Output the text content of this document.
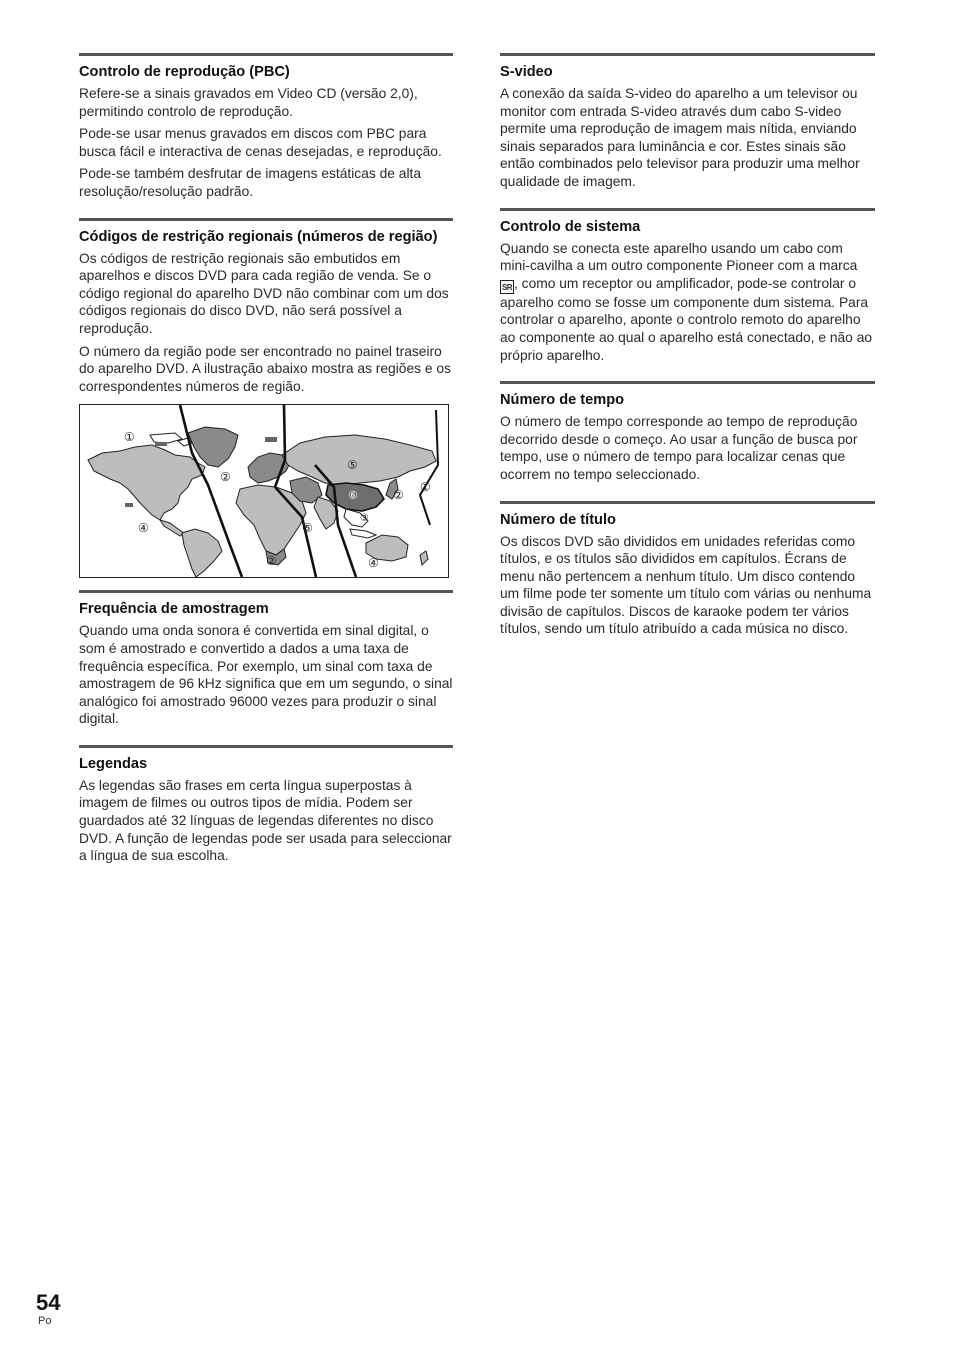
Controlo de reprodução (PBC)

Refere-se a sinais gravados em Video CD (versão 2,0), permitindo controlo de reprodução.

Pode-se usar menus gravados em discos com PBC para busca fácil e interactiva de cenas desejadas, e reprodução.

Pode-se também desfrutar de imagens estáticas de alta resolução/resolução padrão.

Códigos de restrição regionais (números de região)

Os códigos de restrição regionais são embutidos em aparelhos e discos DVD para cada região de venda. Se o código regional do aparelho DVD não combinar com um dos códigos regionais do disco DVD, não será possível a reprodução.

O número da região pode ser encontrado no painel traseiro do aparelho DVD. A ilustração abaixo mostra as regiões e os correspondentes números de região.

①
②
⑤
⑥	②
①
④	⑤
③
②	④
Frequência de amostragem

Quando uma onda sonora é convertida em sinal digital, o som é amostrado e convertido a dados a uma taxa de frequência específica. Por exemplo, um sinal com taxa de amostragem de 96 kHz significa que em um segundo, o sinal analógico foi amostrado 96000 vezes para produzir o sinal digital.

Legendas

As legendas são frases em certa língua superpostas à imagem de filmes ou outros tipos de mídia. Podem ser guardados até 32 línguas de legendas diferentes no disco DVD. A função de legendas pode ser usada para seleccionar a língua de sua escolha.

S-video

A conexão da saída S-video do aparelho a um televisor ou monitor com entrada S-video através dum cabo S-video permite uma reprodução de imagem mais nítida, enviando sinais separados para luminância e cor. Estes sinais são então combinados pelo televisor para produzir uma melhor qualidade de imagem.

Controlo de sistema

Quando se conecta este aparelho usando um cabo com mini-cavilha a um outro componente Pioneer com a marca SR , como um receptor ou amplificador, pode-se controlar o aparelho como se fosse um componente dum sistema. Para controlar o aparelho, aponte o controlo remoto do aparelho ao componente ao qual o aparelho está conectado, e não ao próprio aparelho.

Número de tempo

O número de tempo corresponde ao tempo de reprodução decorrido desde o começo. Ao usar a função de busca por tempo, use o número de tempo para localizar cenas que ocorrem no tempo seleccionado.

Número de título

Os discos DVD são divididos em unidades referidas como títulos, e os títulos são divididos em capítulos. Écrans de menu não pertencem a nenhum título. Um disco contendo um filme pode ter somente um título com várias ou nenhuma divisão de capítulos. Discos de karaoke podem ter vários títulos, sendo um título atribuído a cada música no disco.

54
Po
